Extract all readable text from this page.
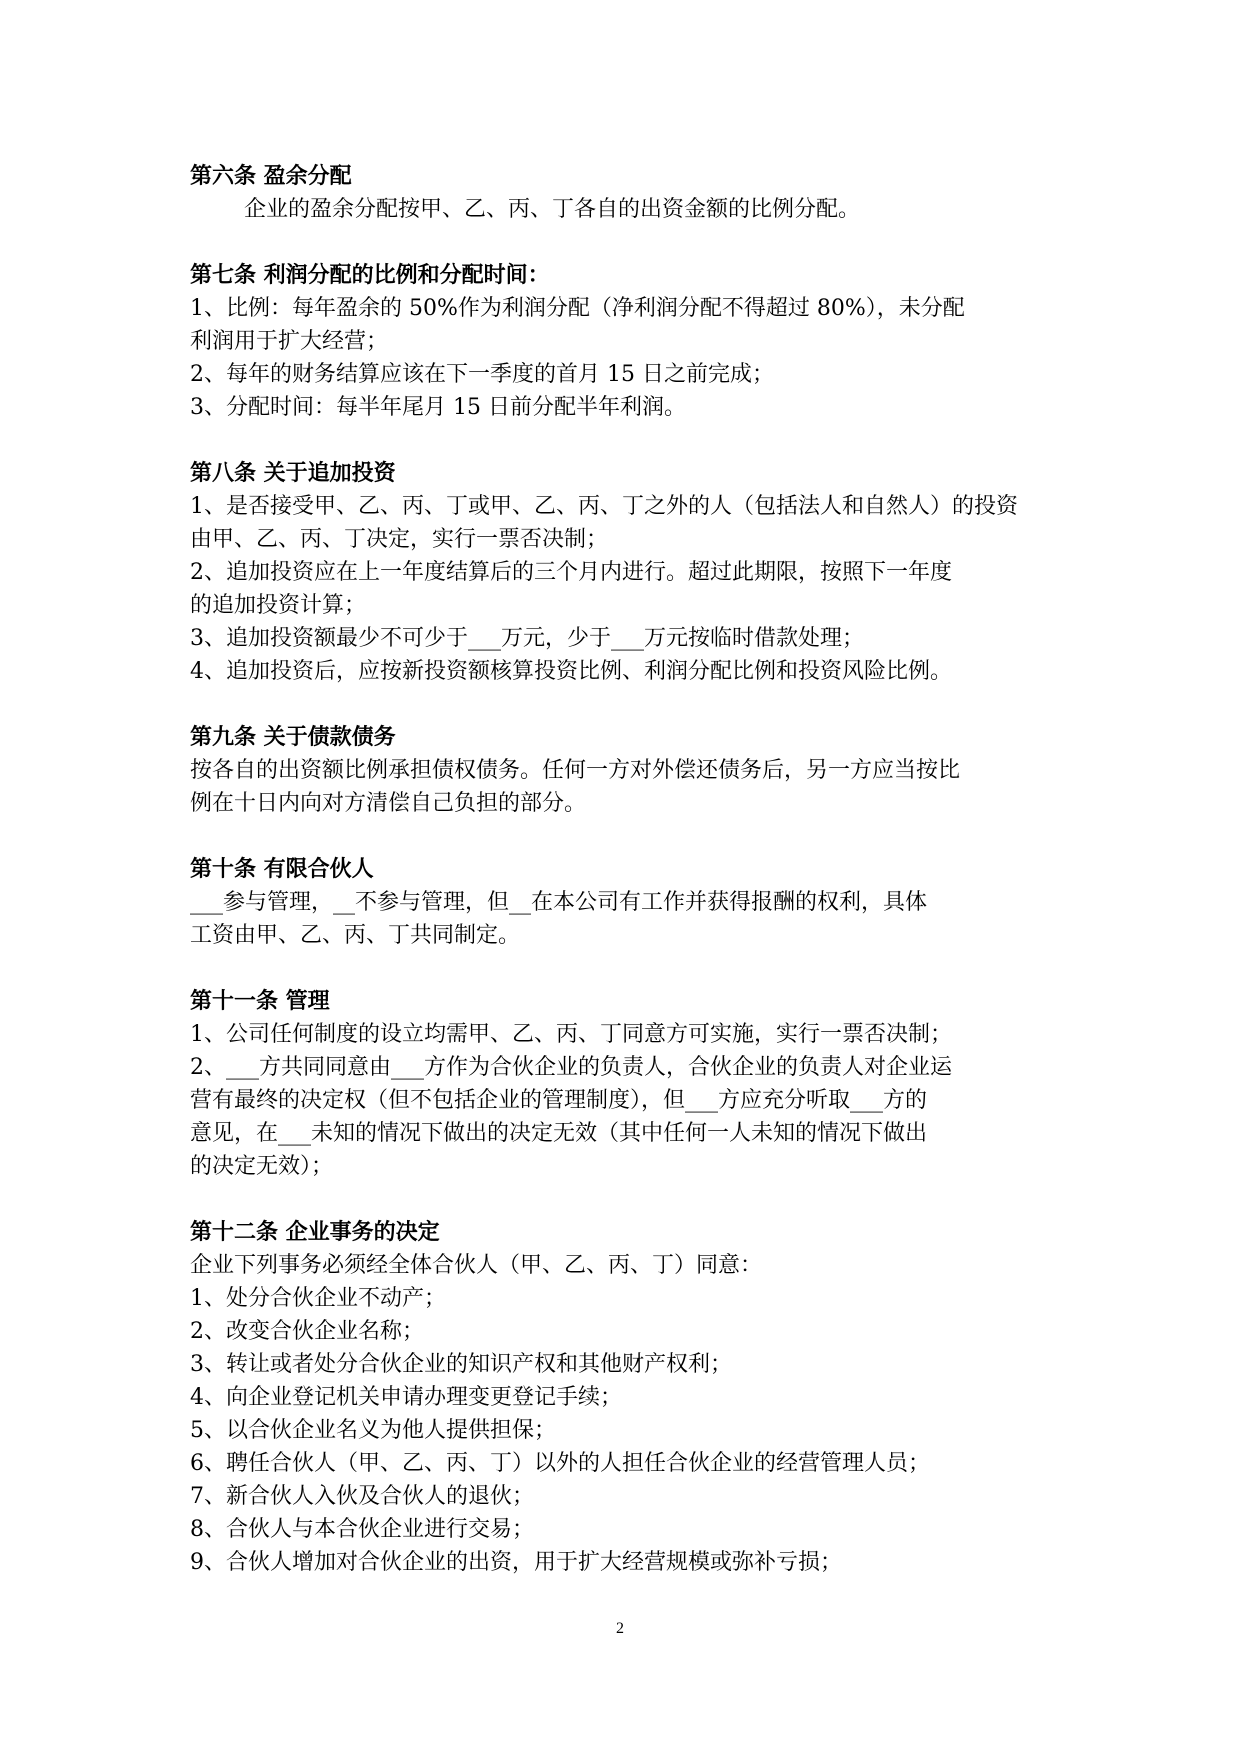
第六条 盈余分配
企业的盈余分配按甲、乙、丙、丁各自的出资金额的比例分配。
第七条 利润分配的比例和分配时间：
1、比例：每年盈余的 50%作为利润分配（净利润分配不得超过 80%），未分配
利润用于扩大经营；
2、每年的财务结算应该在下一季度的首月 15 日之前完成；
3、分配时间：每半年尾月 15 日前分配半年利润。
第八条 关于追加投资
1、是否接受甲、乙、丙、丁或甲、乙、丙、丁之外的人（包括法人和自然人）的投资
由甲、乙、丙、丁决定，实行一票否决制；
2、追加投资应在上一年度结算后的三个月内进行。超过此期限，按照下一年度
的追加投资计算；
3、追加投资额最少不可少于___万元，少于___万元按临时借款处理；
4、追加投资后，应按新投资额核算投资比例、利润分配比例和投资风险比例。
第九条 关于债款债务
按各自的出资额比例承担债权债务。任何一方对外偿还债务后，另一方应当按比
例在十日内向对方清偿自己负担的部分。
第十条 有限合伙人
___参与管理，__不参与管理，但__在本公司有工作并获得报酬的权利，具体
工资由甲、乙、丙、丁共同制定。
第十一条 管理
1、公司任何制度的设立均需甲、乙、丙、丁同意方可实施，实行一票否决制；
2、___方共同同意由___方作为合伙企业的负责人，合伙企业的负责人对企业运
营有最终的决定权（但不包括企业的管理制度），但___方应充分听取___方的
意见，在___未知的情况下做出的决定无效（其中任何一人未知的情况下做出
的决定无效）；
第十二条 企业事务的决定
企业下列事务必须经全体合伙人（甲、乙、丙、丁）同意：
1、处分合伙企业不动产；
2、改变合伙企业名称；
3、转让或者处分合伙企业的知识产权和其他财产权利；
4、向企业登记机关申请办理变更登记手续；
5、以合伙企业名义为他人提供担保；
6、聘任合伙人（甲、乙、丙、丁）以外的人担任合伙企业的经营管理人员；
7、新合伙人入伙及合伙人的退伙；
8、合伙人与本合伙企业进行交易；
9、合伙人增加对合伙企业的出资，用于扩大经营规模或弥补亏损；
2
